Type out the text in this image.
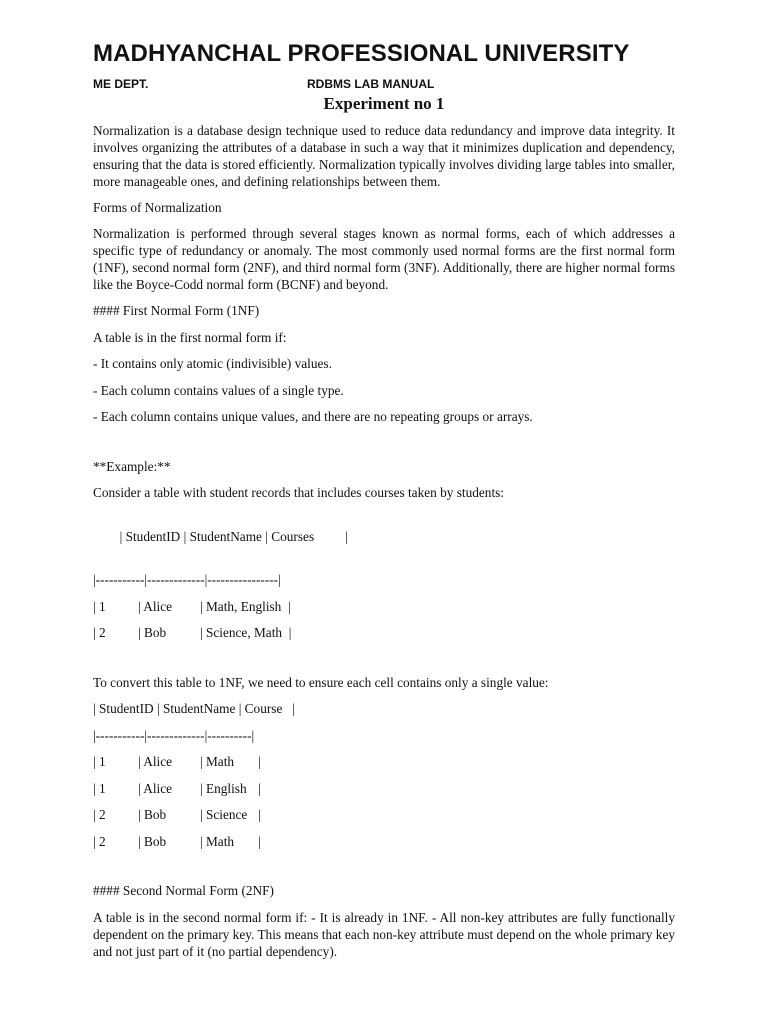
MADHYANCHAL PROFESSIONAL UNIVERSITY
ME DEPT.	RDBMS LAB MANUAL
Experiment no 1

Normalization is a database design technique used to reduce data redundancy and improve data integrity. It involves organizing the attributes of a database in such a way that it minimizes duplication and dependency, ensuring that the data is stored efficiently. Normalization typically involves dividing large tables into smaller, more manageable ones, and defining relationships between them.

Forms of Normalization

Normalization is performed through several stages known as normal forms, each of which addresses a specific type of redundancy or anomaly. The most commonly used normal forms are the first normal form (1NF), second normal form (2NF), and third normal form (3NF). Additionally, there are higher normal forms like the Boyce-Codd normal form (BCNF) and beyond.

#### First Normal Form (1NF)

A table is in the first normal form if:

- It contains only atomic (indivisible) values.

- Each column contains values of a single type.

- Each column contains unique values, and there are no repeating groups or arrays.

**Example:**

Consider a table with student records that includes courses taken by students:

| StudentID | StudentName | Courses |

|-----------|-------------|----------------|
| 1 | Alice | Math, English |
| 2 | Bob	| Science, Math |

To convert this table to 1NF, we need to ensure each cell contains only a single value:

| StudentID | StudentName | Course |
|-----------|-------------|----------|
| 1 | Alice | Math |
| 1 | Alice | English |
| 2 | Bob	| Science |
| 2 | Bob	| Math |

#### Second Normal Form (2NF)

A table is in the second normal form if: - It is already in 1NF. - All non-key attributes are fully functionally dependent on the primary key. This means that each non-key attribute must depend on the whole primary key and not just part of it (no partial dependency).
